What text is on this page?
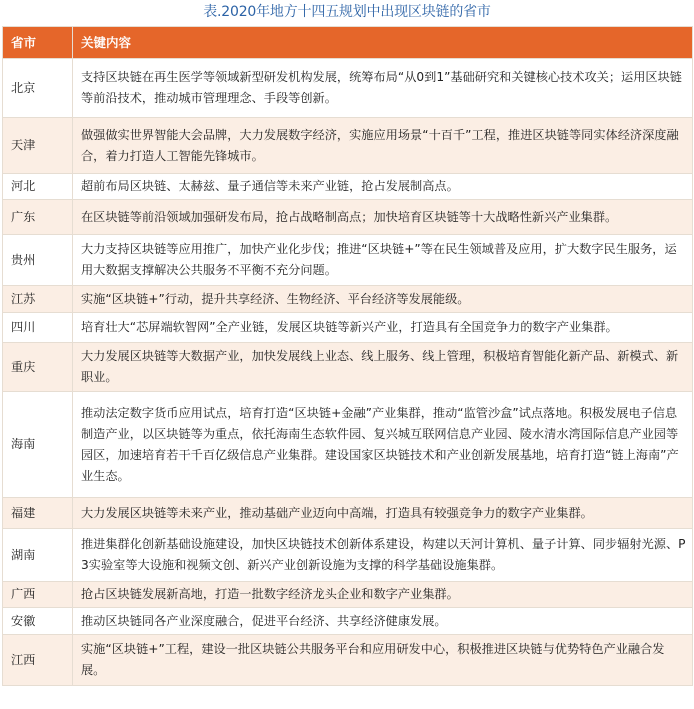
表.2020年地方十四五规划中出现区块链的省市
省市	关键内容
北京	支持区块链在再生医学等领域新型研发机构发展，统筹布局“从0到1”基础研究和关键核心技术攻关；运用区块链等前沿技术，推动城市管理理念、手段等创新。
天津	做强做实世界智能大会品牌，大力发展数字经济，实施应用场景“十百千”工程，推进区块链等同实体经济深度融合，着力打造人工智能先锋城市。
河北	超前布局区块链、太赫兹、量子通信等未来产业链，抢占发展制高点。
广东	在区块链等前沿领域加强研发布局，抢占战略制高点；加快培育区块链等十大战略性新兴产业集群。
贵州	大力支持区块链等应用推广，加快产业化步伐；推进“区块链+”等在民生领域普及应用，扩大数字民生服务，运用大数据支撑解决公共服务不平衡不充分问题。
江苏	实施“区块链+”行动，提升共享经济、生物经济、平台经济等发展能级。
四川	培育壮大“芯屏端软智网”全产业链，发展区块链等新兴产业，打造具有全国竞争力的数字产业集群。
重庆	大力发展区块链等大数据产业，加快发展线上业态、线上服务、线上管理，积极培育智能化新产品、新模式、新职业。
海南	推动法定数字货币应用试点，培育打造“区块链+金融”产业集群，推动“监管沙盒”试点落地。积极发展电子信息制造产业，以区块链等为重点，依托海南生态软件园、复兴城互联网信息产业园、陵水清水湾国际信息产业园等园区，加速培育若干千百亿级信息产业集群。建设国家区块链技术和产业创新发展基地，培育打造“链上海南”产业生态。
福建	大力发展区块链等未来产业，推动基础产业迈向中高端，打造具有较强竞争力的数字产业集群。
湖南	推进集群化创新基础设施建设，加快区块链技术创新体系建设，构建以天河计算机、量子计算、同步辐射光源、P3实验室等大设施和视频文创、新兴产业创新设施为支撑的科学基础设施集群。
广西	抢占区块链发展新高地，打造一批数字经济龙头企业和数字产业集群。
安徽	推动区块链同各产业深度融合，促进平台经济、共享经济健康发展。
江西	实施“区块链+”工程，建设一批区块链公共服务平台和应用研发中心，积极推进区块链与优势特色产业融合发展。
